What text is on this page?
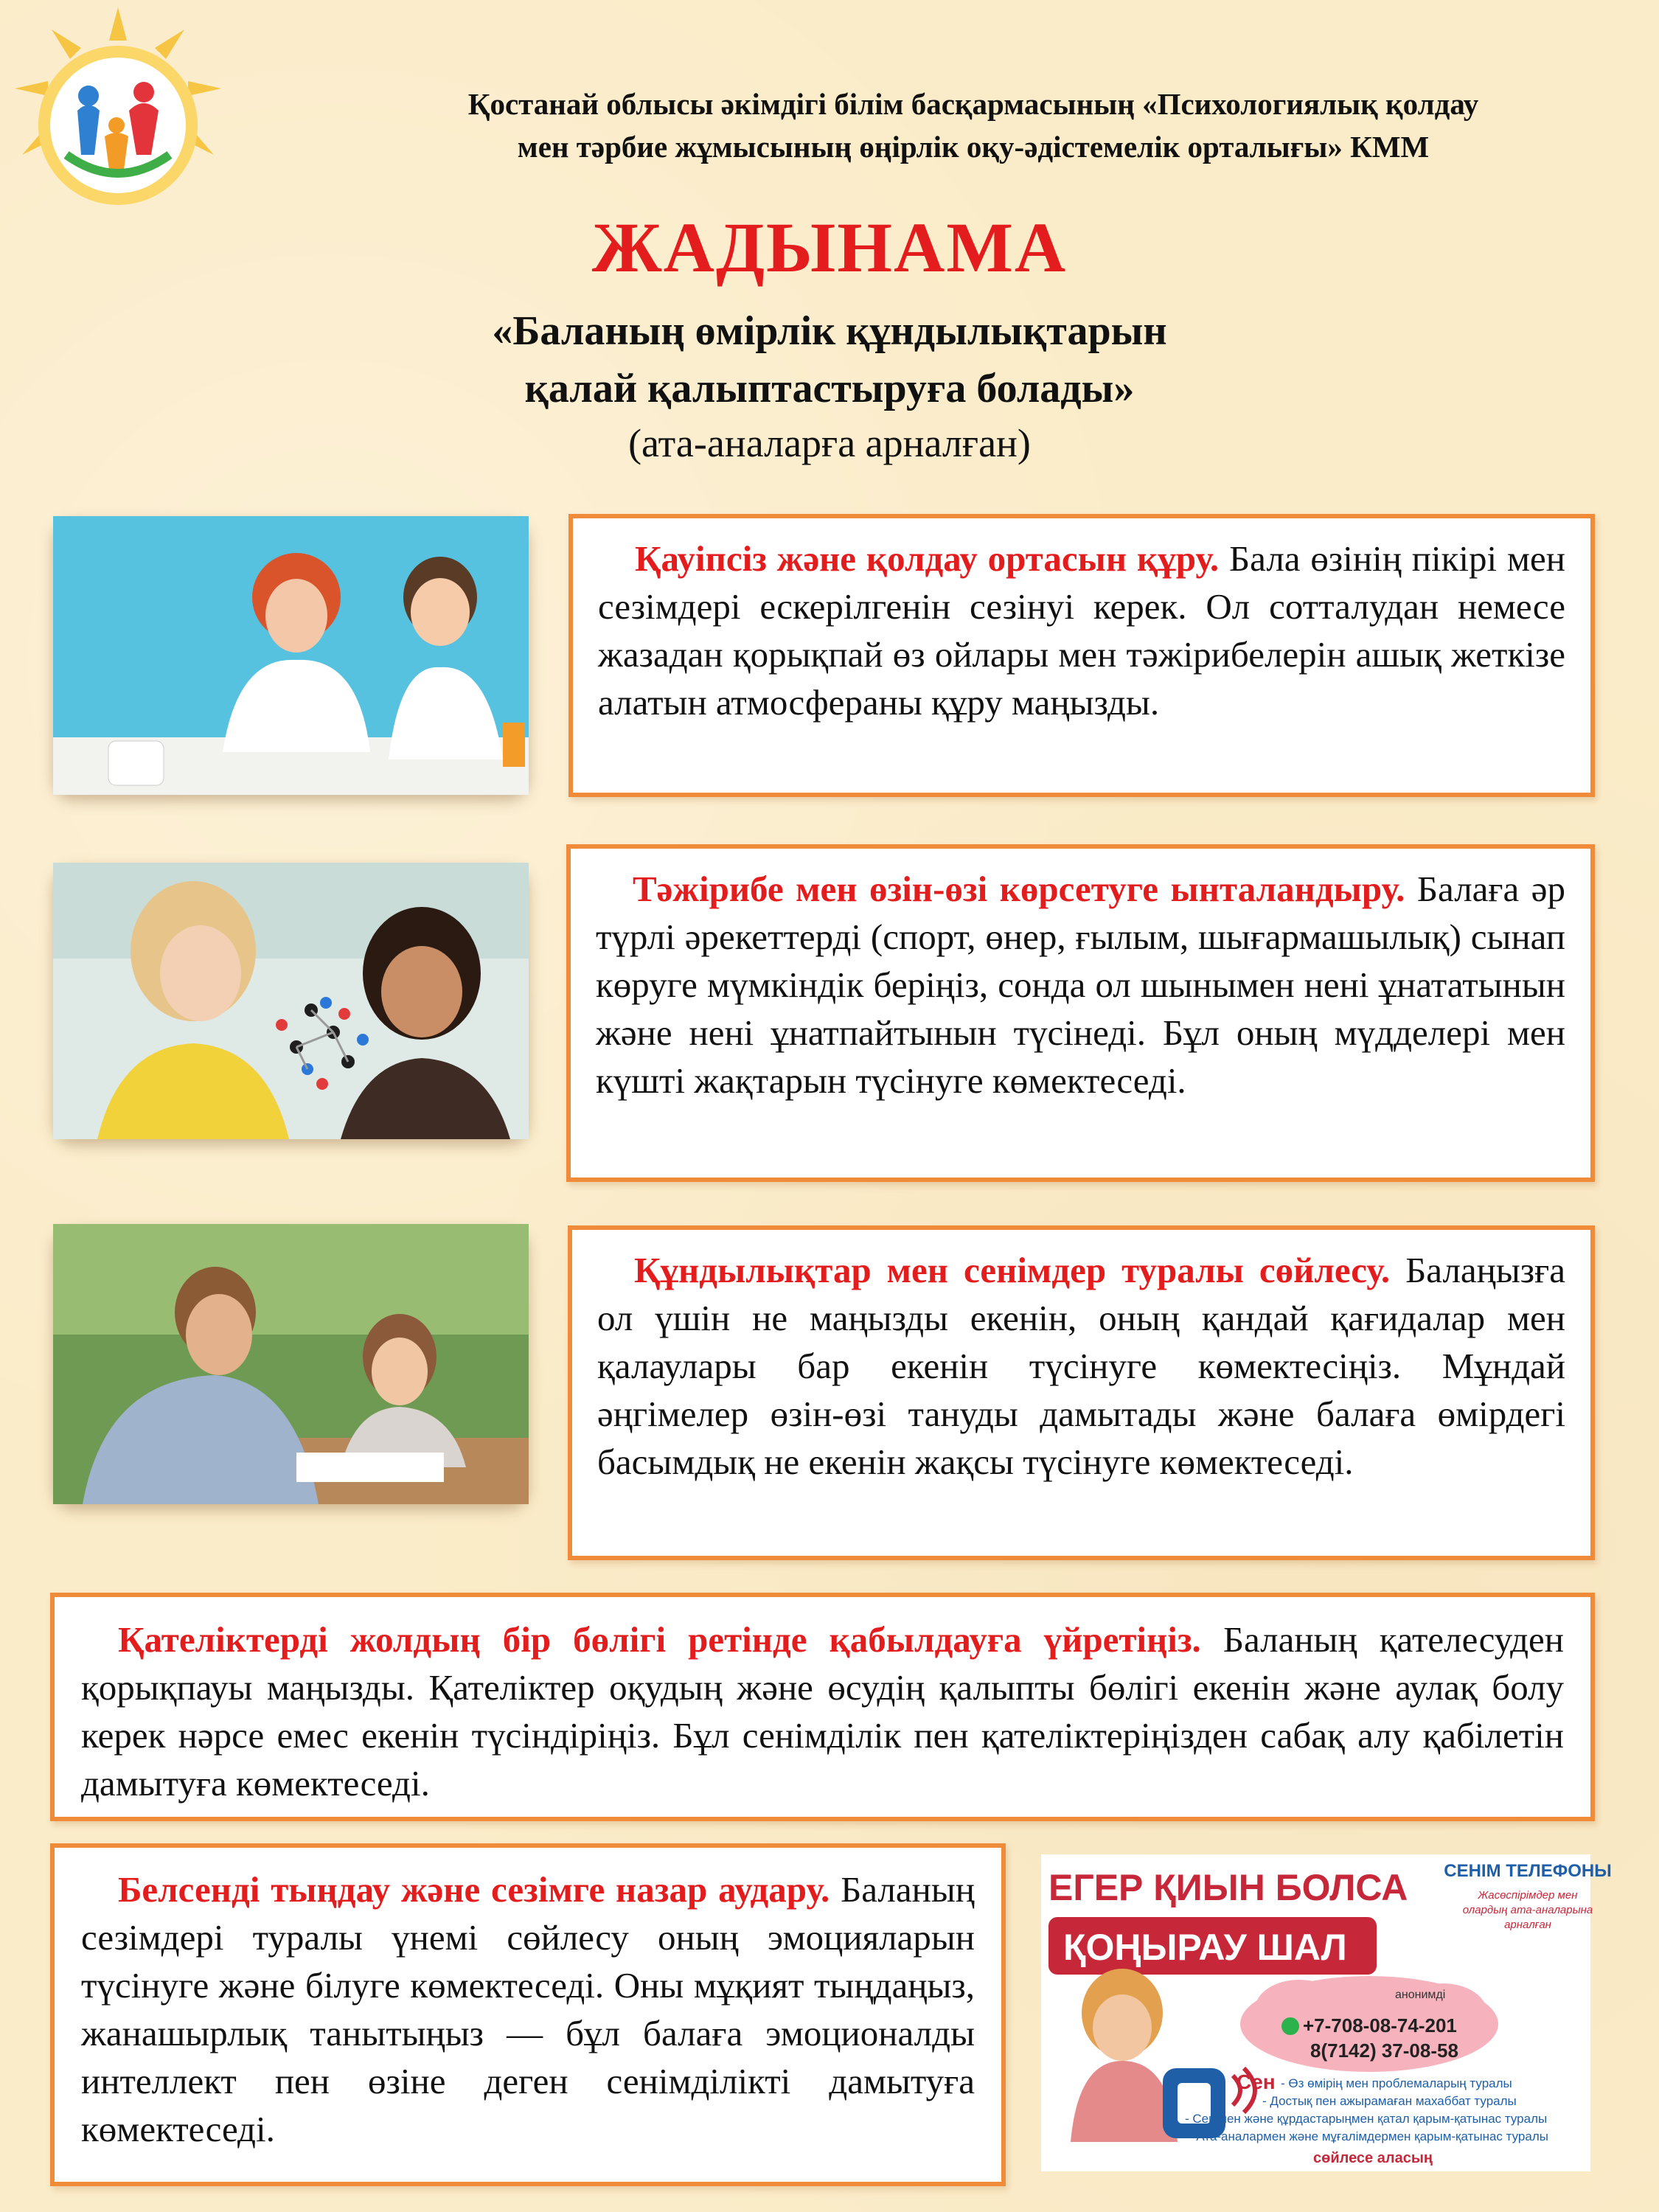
Қостанай облысы әкімдігі білім басқармасының «Психологиялық қолдау
мен тәрбие жұмысының өңірлік оқу-әдістемелік орталығы» КММ
ЖАДЫНАМА
«Баланың өмірлік құндылықтарын
қалай қалыптастыруға болады»
(ата-аналарға арналған)
Қауіпсіз және қолдау ортасын құру. Бала өзінің пікірі мен сезімдері ескерілгенін сезінуі керек. Ол сотталудан немесе жазадан қорықпай өз ойлары мен тәжірибелерін ашық жеткізе алатын атмосфераны құру маңызды.
Тәжірибе мен өзін-өзі көрсетуге ынталандыру. Балаға әр түрлі әрекеттерді (спорт, өнер, ғылым, шығармашылық) сынап көруге мүмкіндік беріңіз, сонда ол шынымен нені ұнататынын және нені ұнатпайтынын түсінеді. Бұл оның мүдделері мен күшті жақтарын түсінуге көмектеседі.
Құндылықтар мен сенімдер туралы сөйлесу. Балаңызға ол үшін не маңызды екенін, оның қандай қағидалар мен қалаулары бар екенін түсінуге көмектесіңіз. Мұндай әңгімелер өзін-өзі тануды дамытады және балаға өмірдегі басымдық не екенін жақсы түсінуге көмектеседі.
Қателіктерді жолдың бір бөлігі ретінде қабылдауға үйретіңіз. Баланың қателесуден қорықпауы маңызды. Қателіктер оқудың және өсудің қалыпты бөлігі екенін және аулақ болу керек нәрсе емес екенін түсіндіріңіз. Бұл сенімділік пен қателіктеріңізден сабақ алу қабілетін дамытуға көмектеседі.
Белсенді тыңдау және сезімге назар аудару. Баланың сезімдері туралы үнемі сөйлесу оның эмоцияларын түсінуге және білуге көмектеседі. Оны мұқият тыңдаңыз, жанашырлық танытыңыз — бұл балаға эмоционалды интеллект пен өзіне деген сенімділікті дамытуға көмектеседі.
ЕГЕР ҚИЫН БОЛСА
ҚОҢЫРАУ ШАЛ
СЕНІМ ТЕЛЕФОНЫ
Жасөспірімдер мен
олардың ата-аналарына
арналған
анонимді
+7-708-08-74-201
8(7142) 37-08-58
Сен - Өз өмірің мен проблемаларың туралы
- Достық пен ажырамаған махаббат туралы
- Сенімен және құрдастарыңмен қатал қарым-қатынас туралы
- Ата-аналармен және мұғалімдермен қарым-қатынас туралы
сөйлесе аласың
